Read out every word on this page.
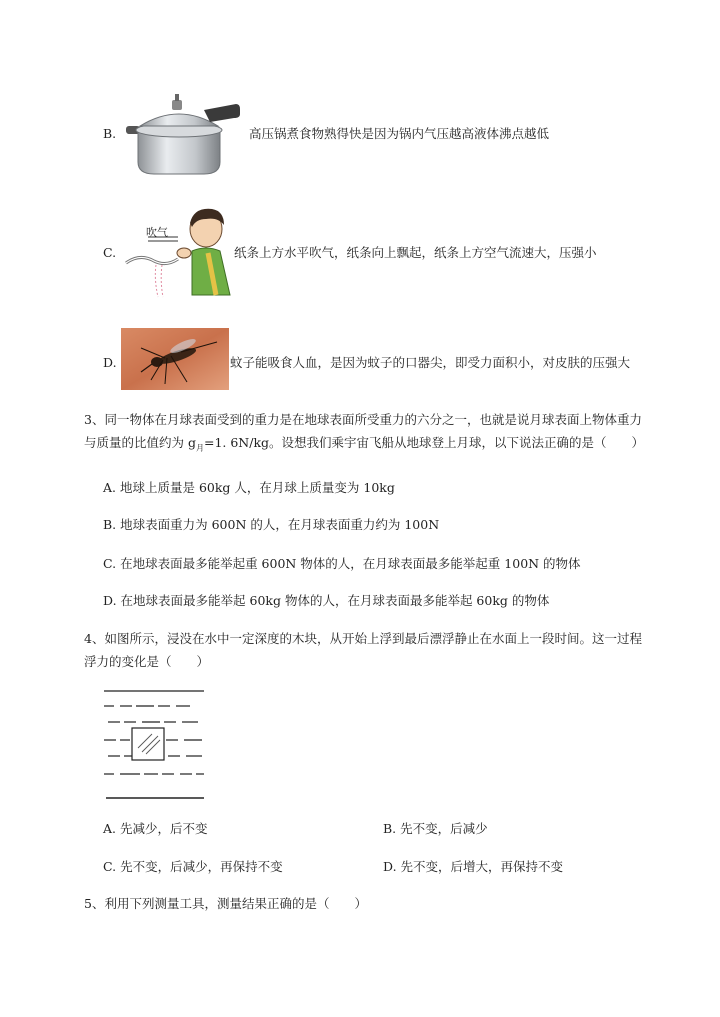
B.	高压锅煮食物熟得快是因为锅内气压越高液体沸点越低
C.
吹气
纸条上方水平吹气，纸条向上飘起，纸条上方空气流速大，压强小
D.	蚊子能吸食人血，是因为蚊子的口器尖，即受力面积小，对皮肤的压强大
3、同一物体在月球表面受到的重力是在地球表面所受重力的六分之一，也就是说月球表面上物体重力
与质量的比值约为 $g_月=1$. 6N/kg。设想我们乘宇宙飞船从地球登上月球，以下说法正确的是（　　）
A. 地球上质量是 60kg 人，在月球上质量变为 10kg
B. 地球表面重力为 600N 的人，在月球表面重力约为 100N
C. 在地球表面最多能举起重 600N 物体的人，在月球表面最多能举起重 100N 的物体
D. 在地球表面最多能举起 60kg 物体的人，在月球表面最多能举起 60kg 的物体
4、如图所示，浸没在水中一定深度的木块，从开始上浮到最后漂浮静止在水面上一段时间。这一过程
浮力的变化是（　　）
A. 先减少，后不变	B. 先不变，后减少
C. 先不变，后减少，再保持不变	D. 先不变，后增大，再保持不变
5、利用下列测量工具，测量结果正确的是（　　）
